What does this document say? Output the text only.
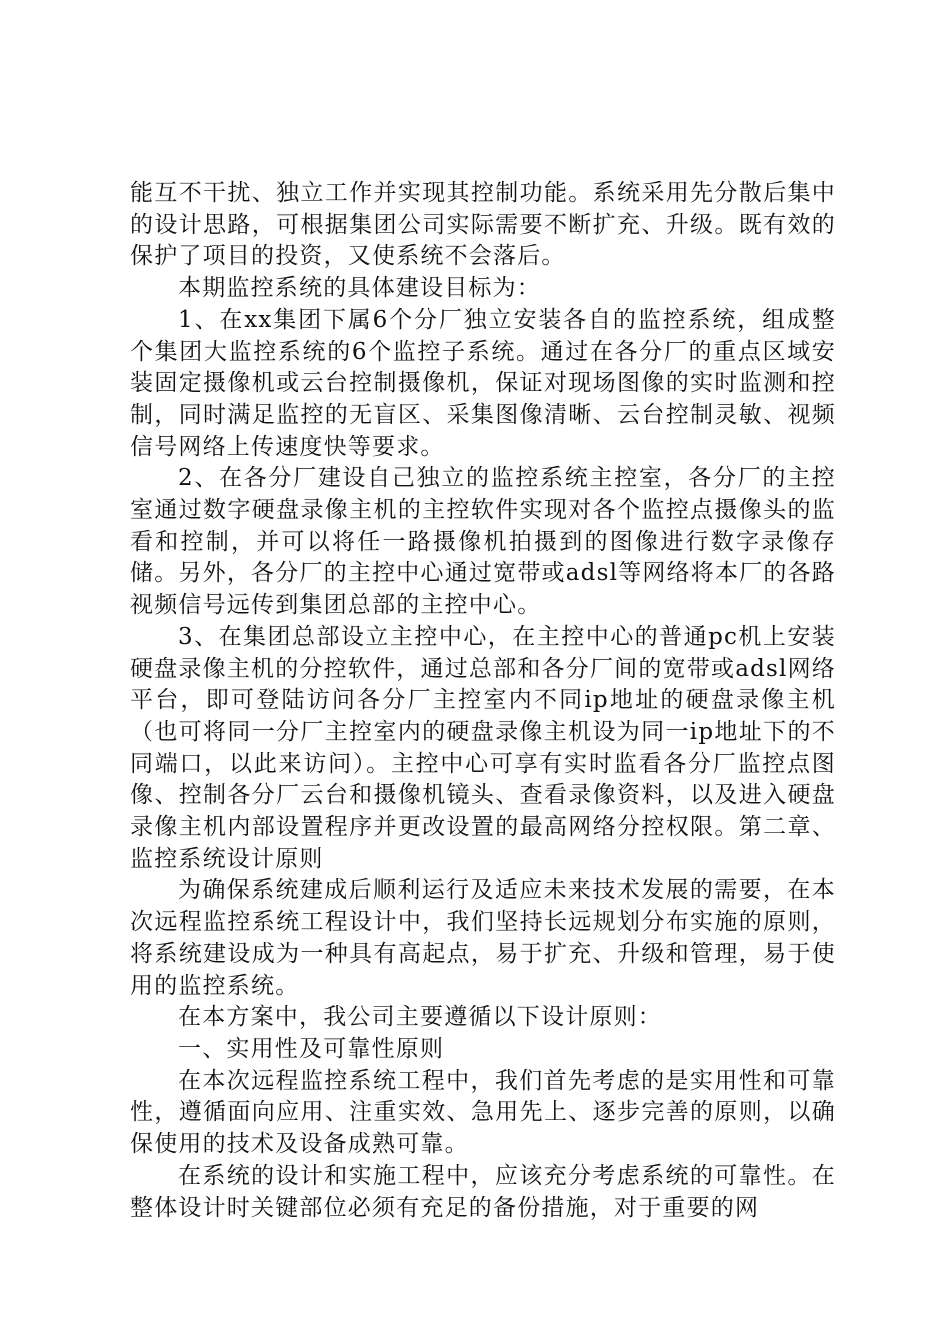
能互不干扰、独立工作并实现其控制功能。系统采用先分散后集中的设计思路，可根据集团公司实际需要不断扩充、升级。既有效的保护了项目的投资，又使系统不会落后。

本期监控系统的具体建设目标为：

1、在xx集团下属6个分厂独立安装各自的监控系统，组成整个集团大监控系统的6个监控子系统。通过在各分厂的重点区域安装固定摄像机或云台控制摄像机，保证对现场图像的实时监测和控制，同时满足监控的无盲区、采集图像清晰、云台控制灵敏、视频信号网络上传速度快等要求。

2、在各分厂建设自己独立的监控系统主控室，各分厂的主控室通过数字硬盘录像主机的主控软件实现对各个监控点摄像头的监看和控制，并可以将任一路摄像机拍摄到的图像进行数字录像存储。另外，各分厂的主控中心通过宽带或adsl等网络将本厂的各路视频信号远传到集团总部的主控中心。

3、在集团总部设立主控中心，在主控中心的普通pc机上安装硬盘录像主机的分控软件，通过总部和各分厂间的宽带或adsl网络平台，即可登陆访问各分厂主控室内不同ip地址的硬盘录像主机（也可将同一分厂主控室内的硬盘录像主机设为同一ip地址下的不同端口，以此来访问）。主控中心可享有实时监看各分厂监控点图像、控制各分厂云台和摄像机镜头、查看录像资料，以及进入硬盘录像主机内部设置程序并更改设置的最高网络分控权限。第二章、监控系统设计原则

为确保系统建成后顺利运行及适应未来技术发展的需要，在本次远程监控系统工程设计中，我们坚持长远规划分布实施的原则，将系统建设成为一种具有高起点，易于扩充、升级和管理，易于使用的监控系统。

在本方案中，我公司主要遵循以下设计原则：

一、实用性及可靠性原则

在本次远程监控系统工程中，我们首先考虑的是实用性和可靠性，遵循面向应用、注重实效、急用先上、逐步完善的原则，以确保使用的技术及设备成熟可靠。

在系统的设计和实施工程中，应该充分考虑系统的可靠性。在整体设计时关键部位必须有充足的备份措施，对于重要的网
